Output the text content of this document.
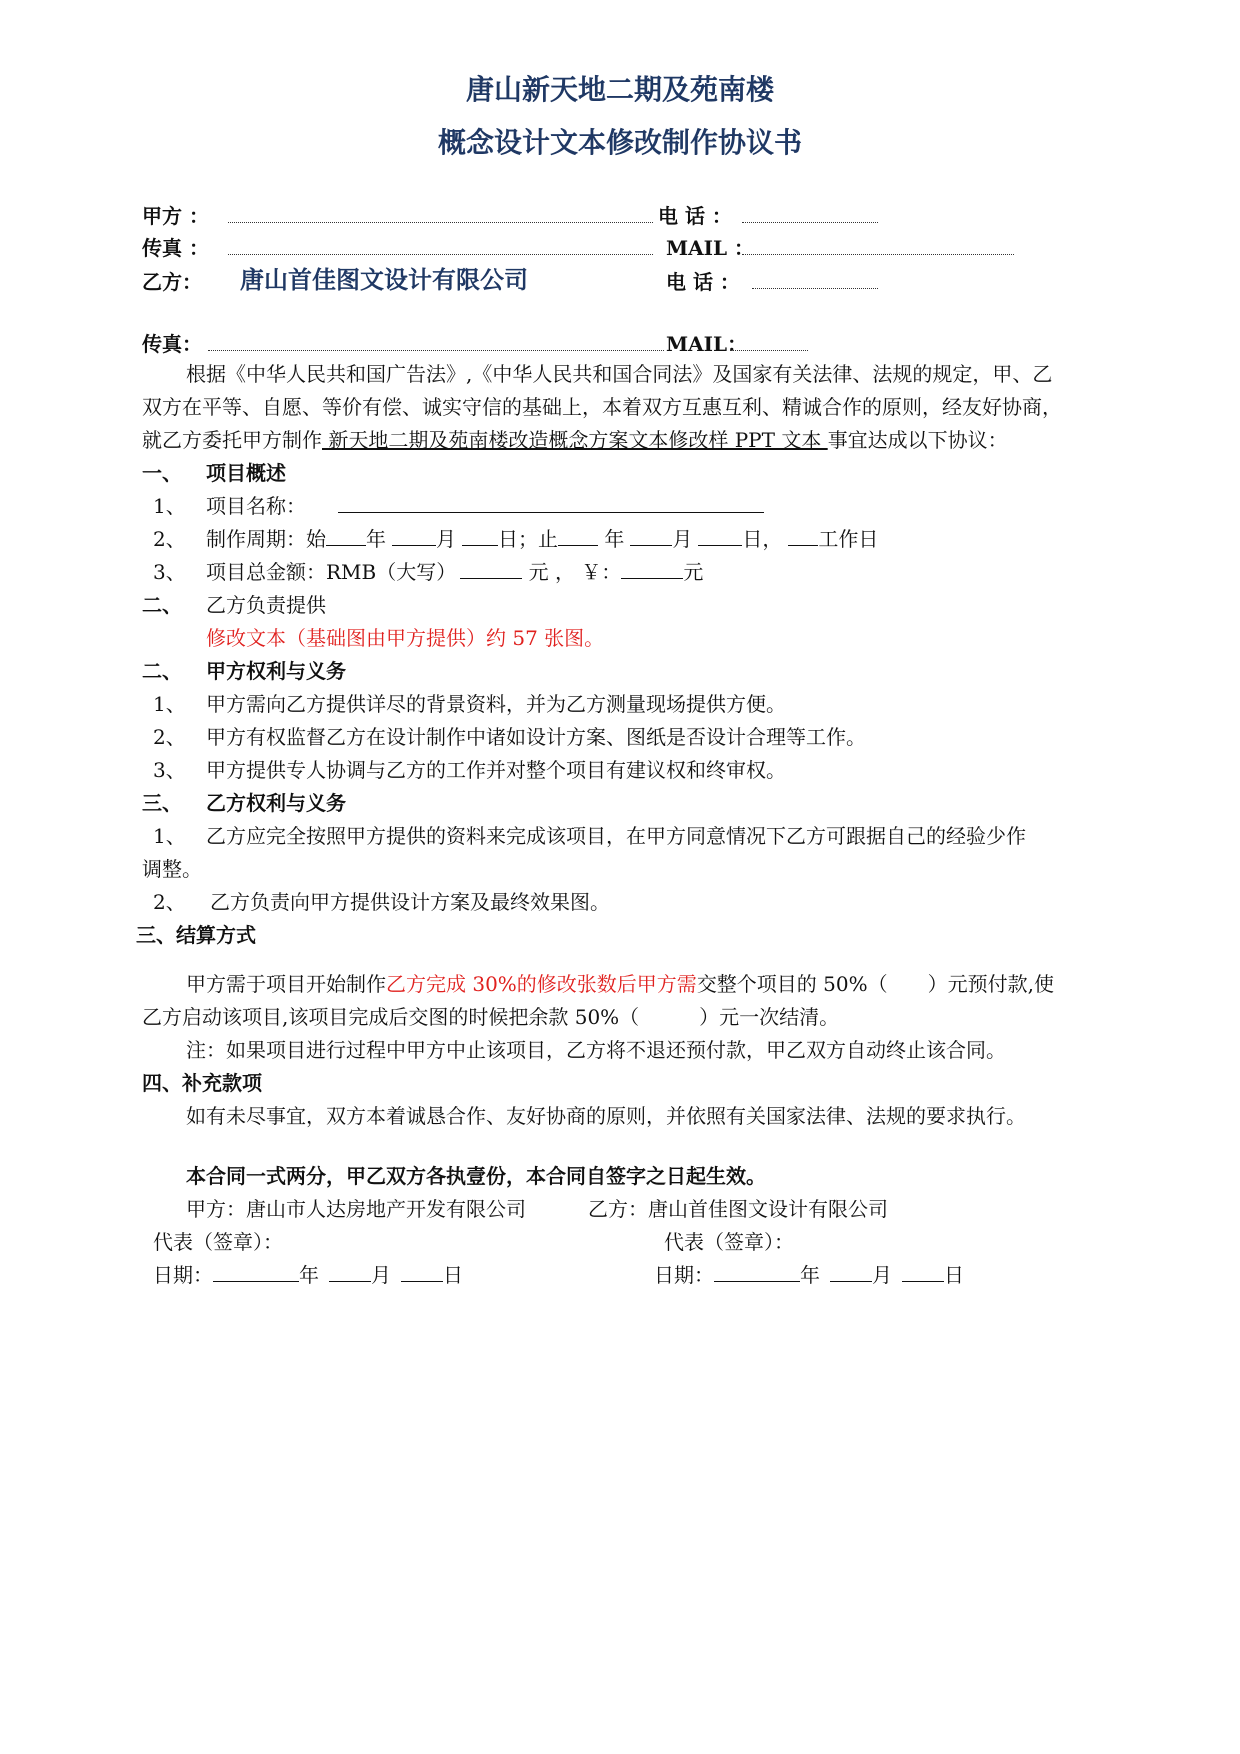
唐山新天地二期及苑南楼
概念设计文本修改制作协议书
甲方 ：	电 话 ：
传真 ：	MAIL ：
乙方： 唐山首佳图文设计有限公司	电 话 ：
传真：	MAIL：
根据《中华人民共和国广告法》,《中华人民共和国合同法》及国家有关法律、法规的规定，甲、乙
双方在平等、自愿、等价有偿、诚实守信的基础上，本着双方互惠互利、精诚合作的原则，经友好协商，
就乙方委托甲方制作 新天地二期及苑南楼改造概念方案文本修改样 PPT 文本 事宜达成以下协议：
一、 项目概述
1、 项目名称：
2、 制作周期：始 年	月 日；止 年 月	日， 工作日
3、 项目总金额：RMB（大写）	元 ， ￥：	元
二、 乙方负责提供
修改文本（基础图由甲方提供）约 57 张图。
二、 甲方权利与义务
1、 甲方需向乙方提供详尽的背景资料，并为乙方测量现场提供方便。
2、 甲方有权监督乙方在设计制作中诸如设计方案、图纸是否设计合理等工作。
3、 甲方提供专人协调与乙方的工作并对整个项目有建议权和终审权。
三、 乙方权利与义务
1、 乙方应完全按照甲方提供的资料来完成该项目，在甲方同意情况下乙方可跟据自己的经验少作
调整。
2、 乙方负责向甲方提供设计方案及最终效果图。
三、结算方式
甲方需于项目开始制作乙方完成 30%的修改张数后甲方需交整个项目的 50%（　　）元预付款,使
乙方启动该项目,该项目完成后交图的时候把余款 50%（　　　）元一次结清。
注：如果项目进行过程中甲方中止该项目，乙方将不退还预付款，甲乙双方自动终止该合同。
四、补充款项
如有未尽事宜，双方本着诚恳合作、友好协商的原则，并依照有关国家法律、法规的要求执行。
本合同一式两分，甲乙双方各执壹份，本合同自签字之日起生效。
甲方：唐山市人达房地产开发有限公司	乙方：唐山首佳图文设计有限公司
代表（签章）：	代表（签章）：
日期：	年	月	日	日期：	年	月	日
